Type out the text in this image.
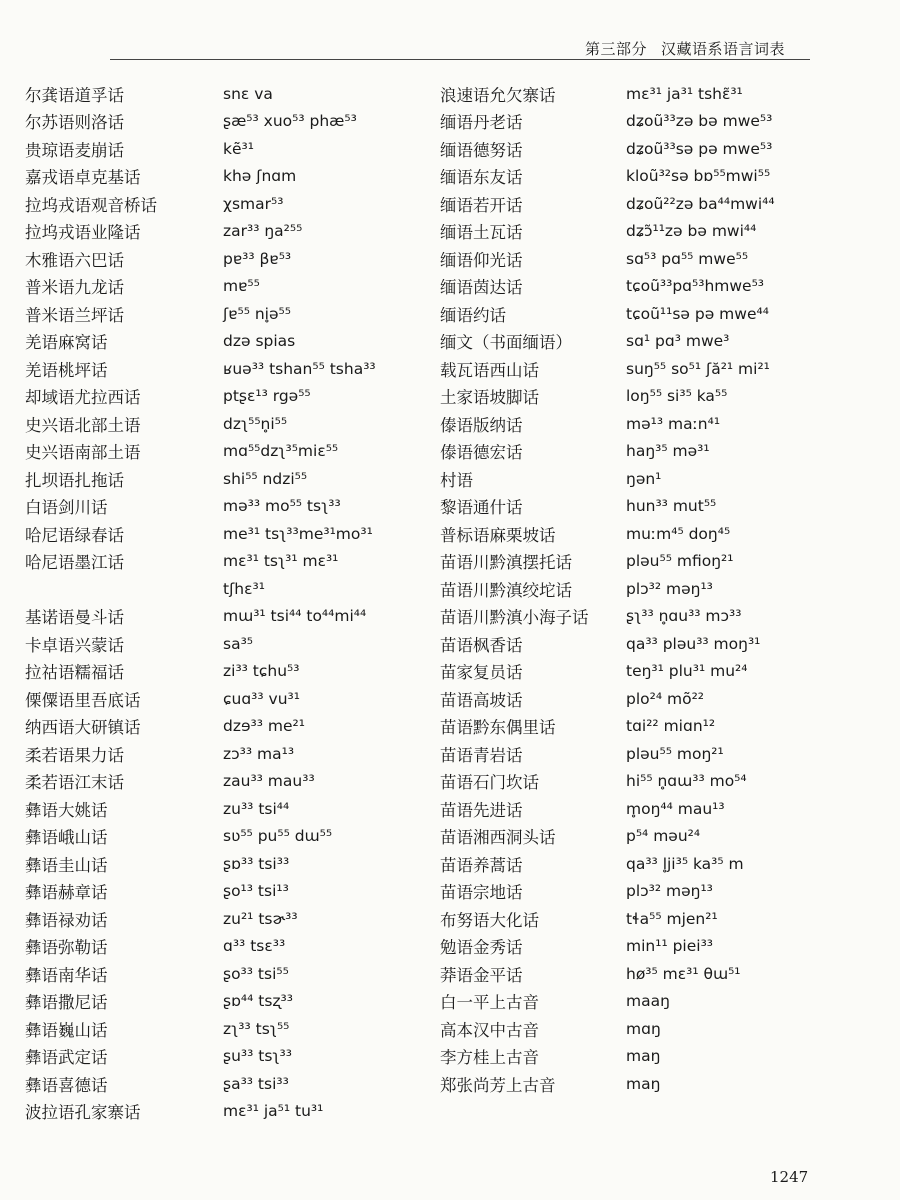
第三部分 汉藏语系语言词表
尔龚语道孚话	snɛ va
尔苏语则洛话	ʂæ⁵³ xuo⁵³ phæ⁵³
贵琼语麦崩话	kẽ³¹
嘉戎语卓克基话	khə ʃnɑm
拉坞戎语观音桥话	χsmar⁵³
拉坞戎语业隆话	zar³³ ŋa²⁵⁵
木雅语六巴话	pɐ³³ βɐ⁵³
普米语九龙话	mɐ⁵⁵
普米语兰坪话	ʃɐ⁵⁵ ni̥ə⁵⁵
羌语麻窝话	dzə spias
羌语桃坪话	ʁuə³³ tshan⁵⁵ tsha³³
却域语尤拉西话	ptʂɛ¹³ rgə⁵⁵
史兴语北部土语	dzʅ⁵⁵n̥i⁵⁵
史兴语南部土语	mɑ⁵⁵dzʅ³⁵miɛ⁵⁵
扎坝语扎拖话	shi⁵⁵ ndzi⁵⁵
白语剑川话	mə³³ mo⁵⁵ tsʅ³³
哈尼语绿春话	me³¹ tsʅ³³me³¹mo³¹
哈尼语墨江话	mɛ³¹ tsʅ³¹ mɛ³¹
tʃhɛ³¹
基诺语曼斗话	mɯ³¹ tsi⁴⁴ to⁴⁴mi⁴⁴
卡卓语兴蒙话	sa³⁵
拉祜语糯福话	zi³³ tɕhu⁵³
傈僳语里吾底话	ɕuɑ³³ vu³¹
纳西语大研镇话	dzɘ³³ me²¹
柔若语果力话	zɔ³³ ma¹³
柔若语江末话	zau³³ mau³³
彝语大姚话	zu³³ tsi⁴⁴
彝语峨山话	sʋ⁵⁵ pu⁵⁵ dɯ⁵⁵
彝语圭山话	ʂɒ³³ tsi³³
彝语赫章话	ʂo¹³ tsi¹³
彝语禄劝话	zu²¹ tsɚ³³
彝语弥勒话	ɑ³³ tsɛ³³
彝语南华话	ʂo³³ tsi⁵⁵
彝语撒尼话	ʂɒ⁴⁴ tsʐ³³
彝语巍山话	zʅ³³ tsʅ⁵⁵
彝语武定话	ʂu³³ tsʅ³³
彝语喜德话	ʂa³³ tsi³³
波拉语孔家寨话	mɛ³¹ ja⁵¹ tu³¹
浪速语允欠寨话	mɛ³¹ ja³¹ tshɛ̃³¹
缅语丹老话	dʑoũ³³zə bə mwe⁵³
缅语德努话	dʑoũ³³sə pə mwe⁵³
缅语东友话	kloũ³²sə bɒ⁵⁵mwi⁵⁵
缅语若开话	dʑoũ²²zə ba⁴⁴mwi⁴⁴
缅语土瓦话	dʑɔ̃¹¹zə bə mwi⁴⁴
缅语仰光话	sɑ⁵³ pɑ⁵⁵ mwe⁵⁵
缅语茵达话	tɕoũ³³pɑ⁵³hmwe⁵³
缅语约话	tɕoũ¹¹sə pə mwe⁴⁴
缅文（书面缅语）	sɑ¹ pɑ³ mwe³
载瓦语西山话	suŋ⁵⁵ so⁵¹ ʃă²¹ mi²¹
土家语坡脚话	loŋ⁵⁵ si³⁵ ka⁵⁵
傣语版纳话	mə¹³ maːn⁴¹
傣语德宏话	haŋ³⁵ mə³¹
村语	ŋən¹
黎语通什话	hun³³ mut⁵⁵
普标语麻栗坡话	muːm⁴⁵ doŋ⁴⁵
苗语川黔滇摆托话	pləu⁵⁵ mfioŋ²¹
苗语川黔滇绞坨话	plɔ³² məŋ¹³
苗语川黔滇小海子话	ʂʅ³³ n̥ɑu³³ mɔ³³
苗语枫香话	qa³³ pləu³³ moŋ³¹
苗家复员话	teŋ³¹ plu³¹ mu²⁴
苗语高坡话	plo²⁴ mõ²²
苗语黔东偶里话	tɑi²² miɑn¹²
苗语青岩话	pləu⁵⁵ moŋ²¹
苗语石门坎话	hi⁵⁵ n̥ɑɯ³³ mo⁵⁴
苗语先进话	m̥oŋ⁴⁴ mau¹³
苗语湘西洞头话	p⁵⁴ məu²⁴
苗语养蒿话	qa³³ l̥ji³⁵ ka³⁵ m
苗语宗地话	plɔ³² məŋ¹³
布努语大化话	tɬa⁵⁵ mjen²¹
勉语金秀话	min¹¹ piei³³
莽语金平话	hø³⁵ mɛ³¹ θɯ⁵¹
白一平上古音	maaŋ
高本汉中古音	mɑŋ
李方桂上古音	maŋ
郑张尚芳上古音	maŋ
1247
